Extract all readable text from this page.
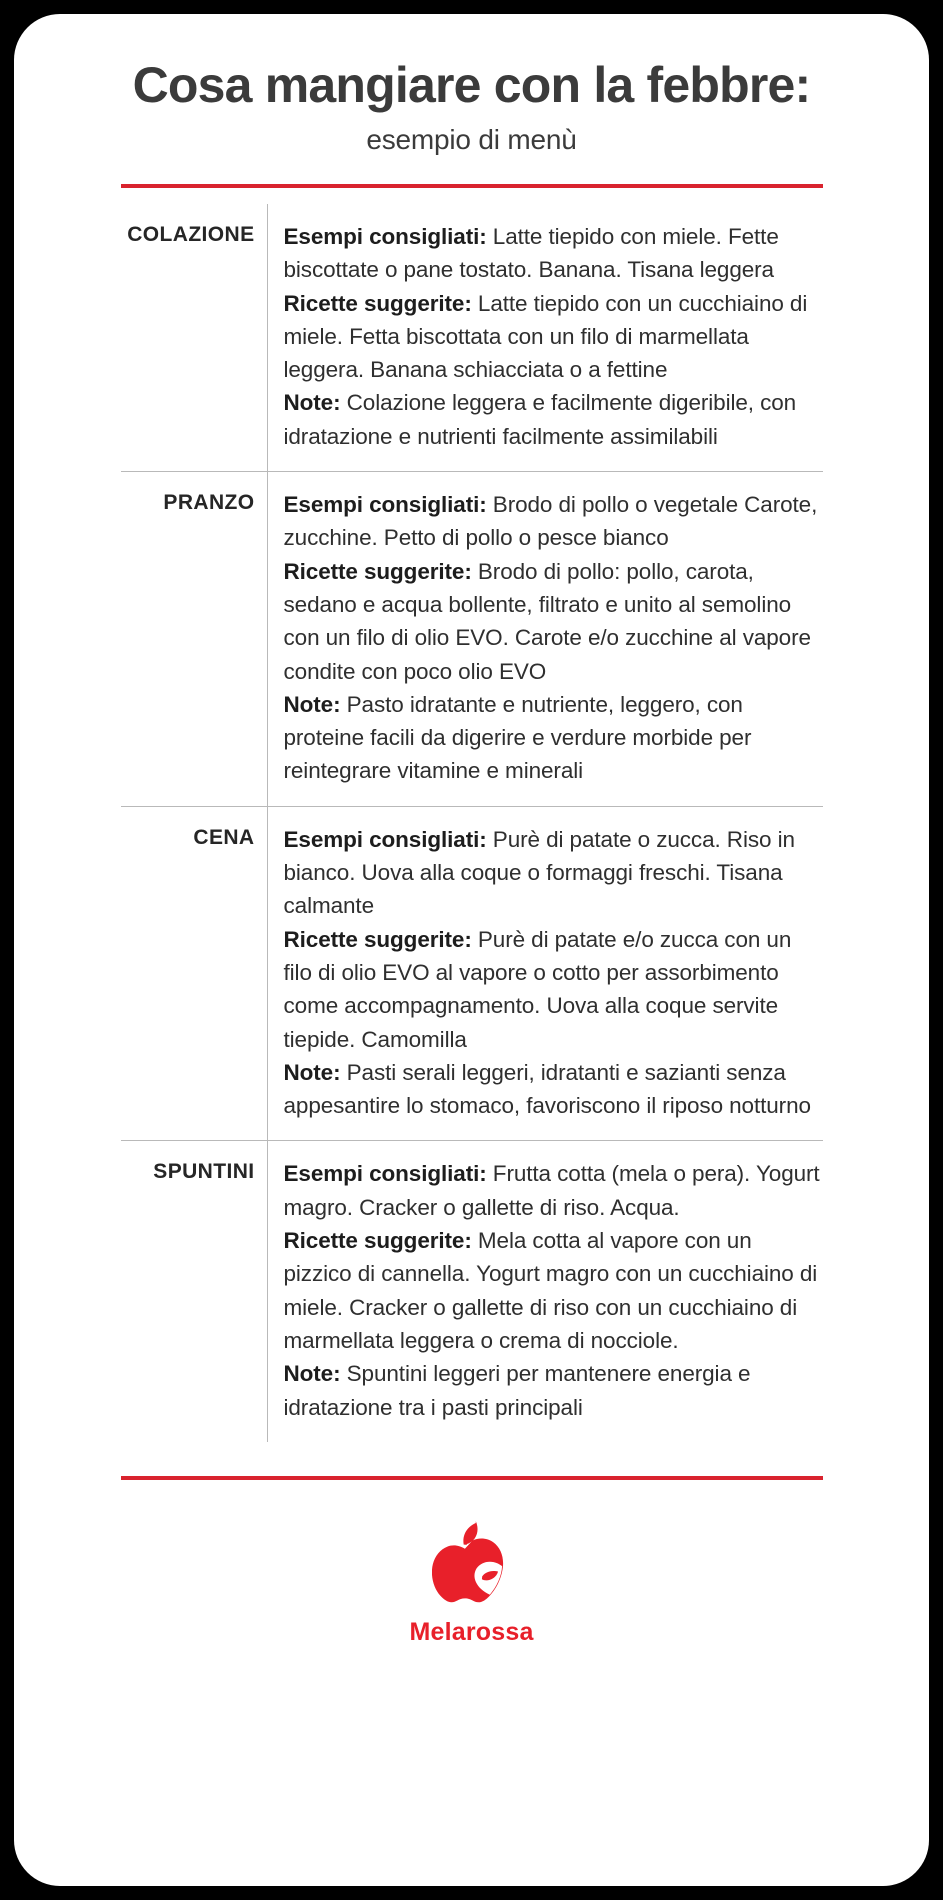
Cosa mangiare con la febbre:
esempio di menù
COLAZIONE	Esempi consigliati: Latte tiepido con miele. Fette biscottate o pane tostato. Banana. Tisana leggera

Ricette suggerite: Latte tiepido con un cucchiaino di miele. Fetta biscottata con un filo di marmellata leggera. Banana schiacciata o a fettine

Note: Colazione leggera e facilmente digeribile, con idratazione e nutrienti facilmente assimilabili

PRANZO	Esempi consigliati: Brodo di pollo o vegetale Carote, zucchine. Petto di pollo o pesce bianco

Ricette suggerite: Brodo di pollo: pollo, carota, sedano e acqua bollente, filtrato e unito al semolino con un filo di olio EVO. Carote e/o zucchine al vapore condite con poco olio EVO

Note: Pasto idratante e nutriente, leggero, con proteine facili da digerire e verdure morbide per reintegrare vitamine e minerali

CENA	Esempi consigliati: Purè di patate o zucca. Riso in bianco. Uova alla coque o formaggi freschi. Tisana calmante

Ricette suggerite: Purè di patate e/o zucca con un filo di olio EVO al vapore o cotto per assorbimento come accompagnamento. Uova alla coque servite tiepide. Camomilla

Note: Pasti serali leggeri, idratanti e sazianti senza appesantire lo stomaco, favoriscono il riposo notturno

SPUNTINI	Esempi consigliati: Frutta cotta (mela o pera). Yogurt magro. Cracker o gallette di riso. Acqua.

Ricette suggerite: Mela cotta al vapore con un pizzico di cannella. Yogurt magro con un cucchiaino di miele. Cracker o gallette di riso con un cucchiaino di marmellata leggera o crema di nocciole.

Note: Spuntini leggeri per mantenere energia e idratazione tra i pasti principali

Melarossa
